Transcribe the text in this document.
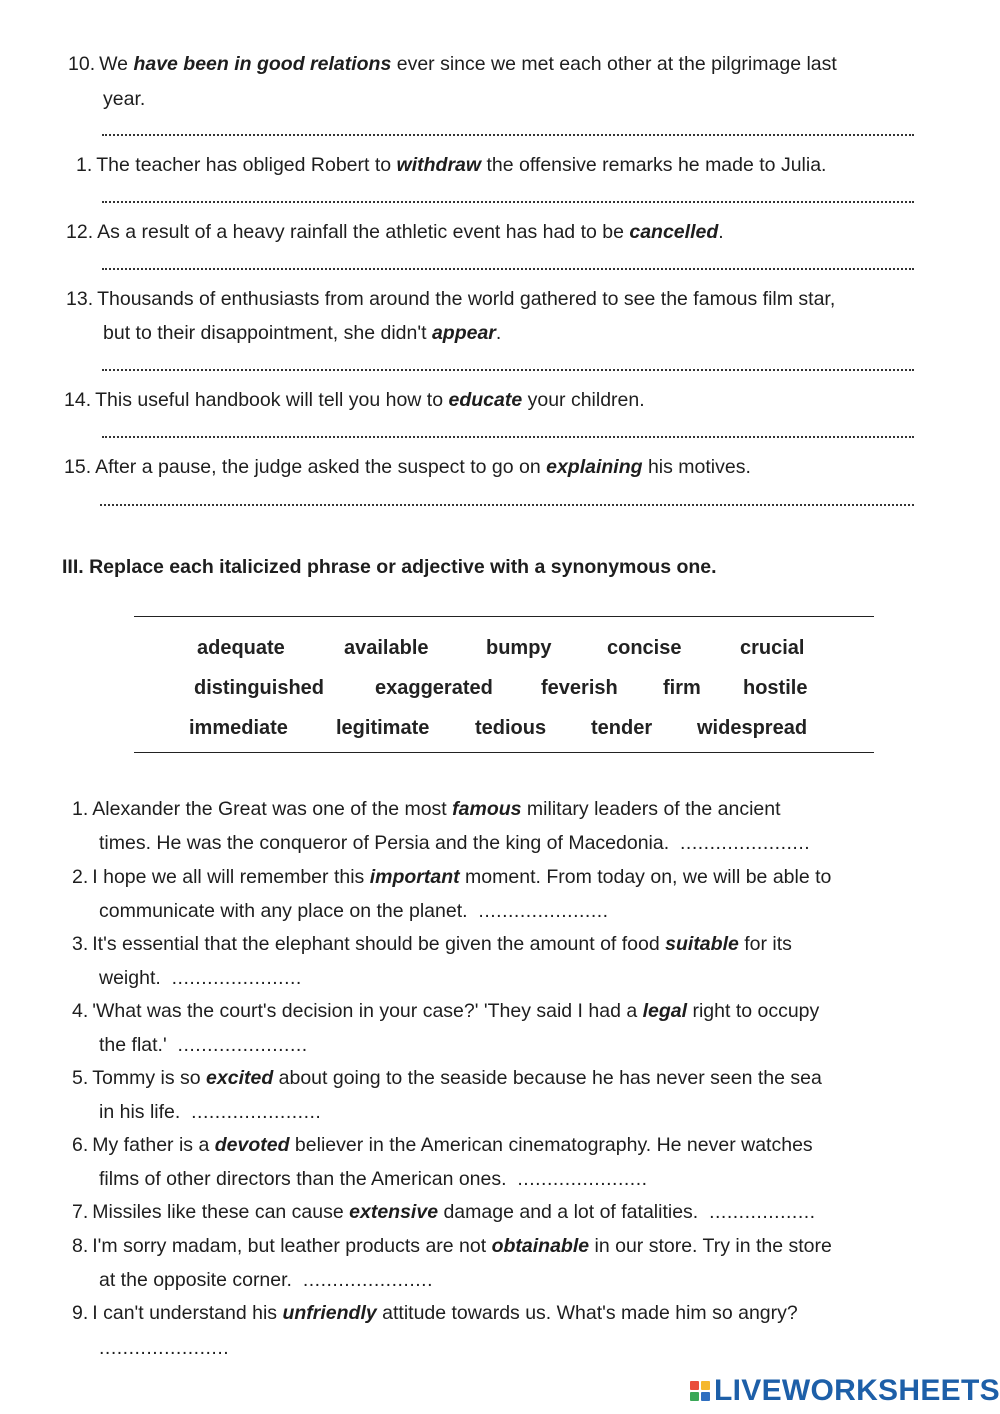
10. We have been in good relations ever since we met each other at the pilgrimage last
year.
1. The teacher has obliged Robert to withdraw the offensive remarks he made to Julia.
12. As a result of a heavy rainfall the athletic event has had to be cancelled.
13. Thousands of enthusiasts from around the world gathered to see the famous film star,
but to their disappointment, she didn't appear.
14. This useful handbook will tell you how to educate your children.
15. After a pause, the judge asked the suspect to go on explaining his motives.
III. Replace each italicized phrase or adjective with a synonymous one.
adequate	available	bumpy	concise	crucial
distinguished	exaggerated feverish firm hostile
immediate legitimate tedious tender widespread
1. Alexander the Great was one of the most famous military leaders of the ancient
times. He was the conqueror of Persia and the king of Macedonia. ......................
2. I hope we all will remember this important moment. From today on, we will be able to
communicate with any place on the planet. ......................
3. It's essential that the elephant should be given the amount of food suitable for its
weight. ......................
4. 'What was the court's decision in your case?' 'They said I had a legal right to occupy
the flat.' ......................
5. Tommy is so excited about going to the seaside because he has never seen the sea
in his life. ......................
6. My father is a devoted believer in the American cinematography. He never watches
films of other directors than the American ones. ......................
7. Missiles like these can cause extensive damage and a lot of fatalities. ..................
8. I'm sorry madam, but leather products are not obtainable in our store. Try in the store
at the opposite corner. ......................
9. I can't understand his unfriendly attitude towards us. What's made him so angry?
......................
LIVEWORKSHEETS
